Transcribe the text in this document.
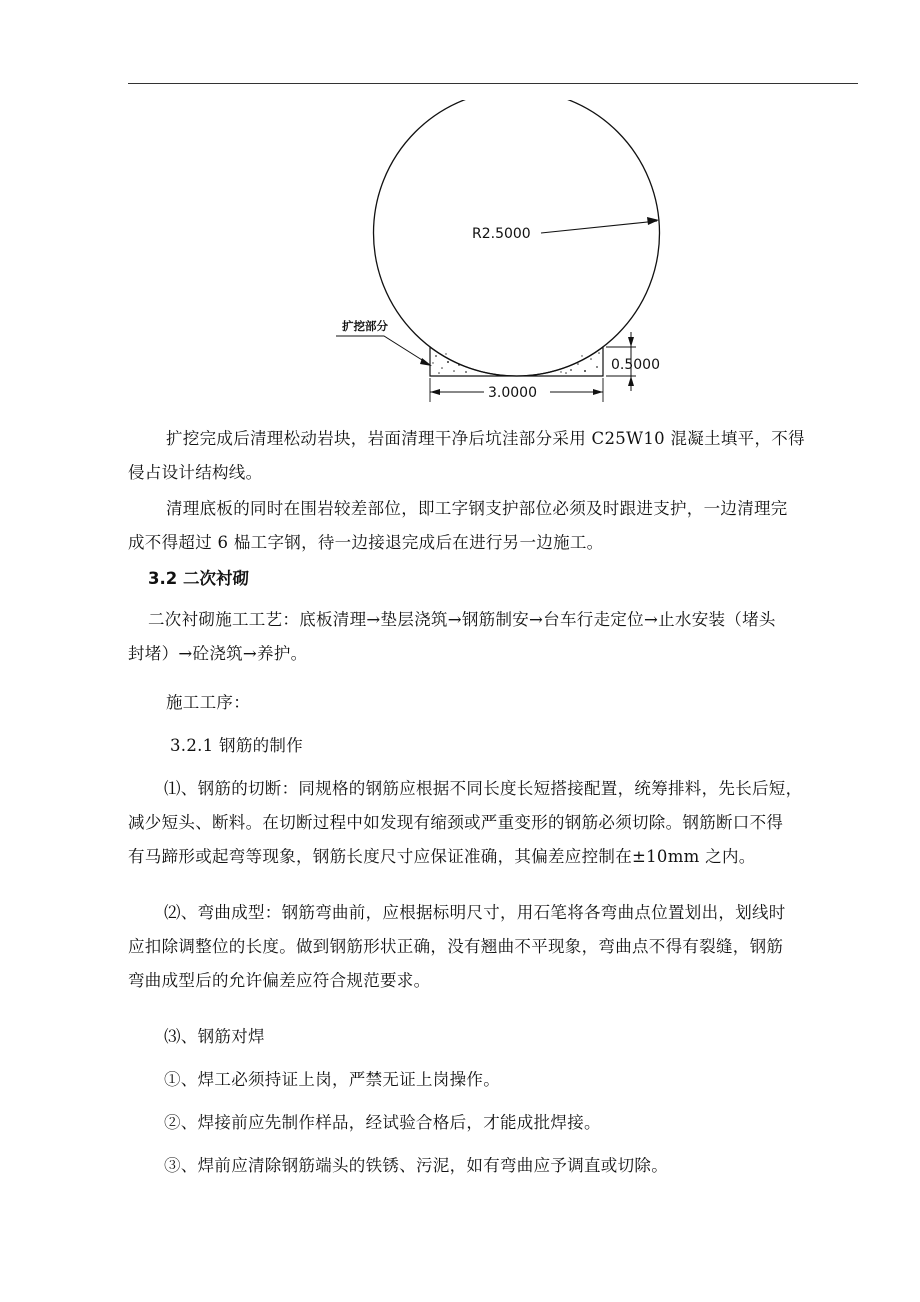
R2.5000
扩挖部分
0.5000
3.0000

扩挖完成后清理松动岩块，岩面清理干净后坑洼部分采用 C25W10 混凝土填平，不得
侵占设计结构线。

清理底板的同时在围岩较差部位，即工字钢支护部位必须及时跟进支护，一边清理完
成不得超过 6 榀工字钢，待一边接退完成后在进行另一边施工。

3.2 二次衬砌

二次衬砌施工工艺：底板清理→垫层浇筑→钢筋制安→台车行走定位→止水安装（堵头
封堵）→砼浇筑→养护。

施工工序：

3.2.1 钢筋的制作

⑴、钢筋的切断：同规格的钢筋应根据不同长度长短搭接配置，统筹排料，先长后短，
减少短头、断料。在切断过程中如发现有缩颈或严重变形的钢筋必须切除。钢筋断口不得
有马蹄形或起弯等现象，钢筋长度尺寸应保证准确，其偏差应控制在±10mm 之内。

⑵、弯曲成型：钢筋弯曲前，应根据标明尺寸，用石笔将各弯曲点位置划出，划线时
应扣除调整位的长度。做到钢筋形状正确，没有翘曲不平现象，弯曲点不得有裂缝，钢筋
弯曲成型后的允许偏差应符合规范要求。

⑶、钢筋对焊

①、焊工必须持证上岗，严禁无证上岗操作。

②、焊接前应先制作样品，经试验合格后，才能成批焊接。

③、焊前应清除钢筋端头的铁锈、污泥，如有弯曲应予调直或切除。
